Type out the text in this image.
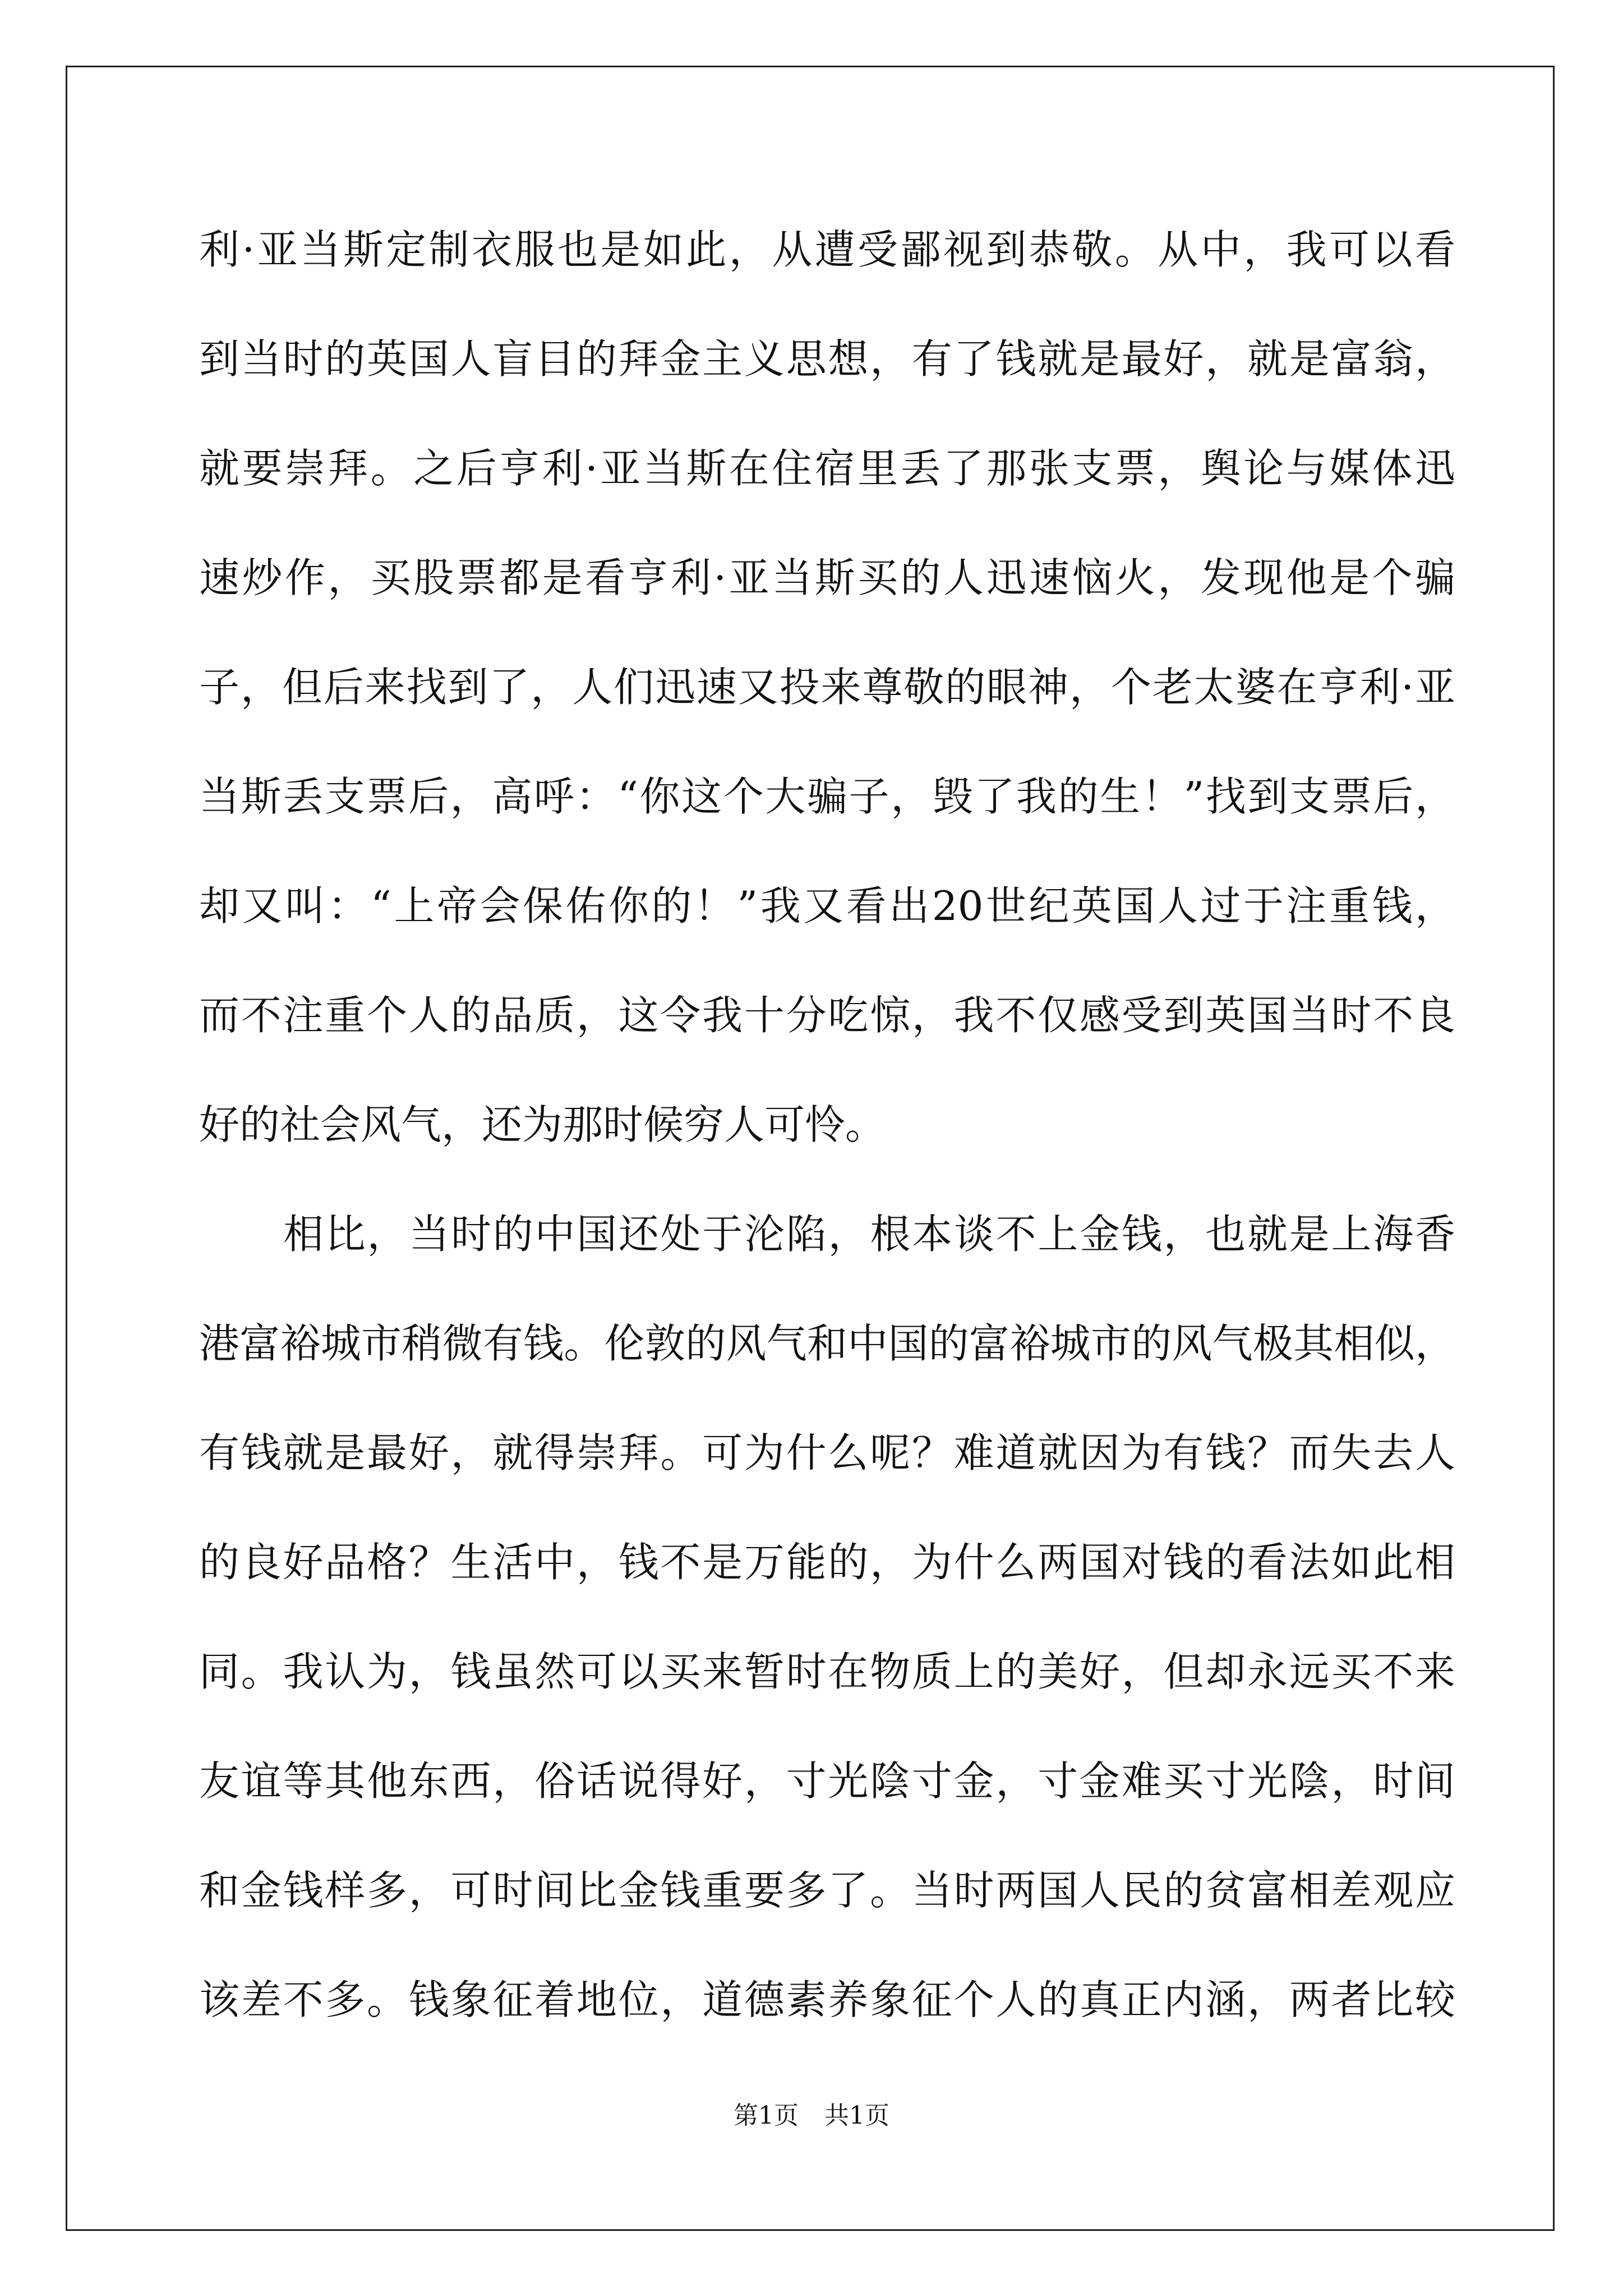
利·亚当斯定制衣服也是如此，从遭受鄙视到恭敬。从中，我可以看
到当时的英国人盲目的拜金主义思想，有了钱就是最好，就是富翁，
就要崇拜。之后亨利·亚当斯在住宿里丢了那张支票，舆论与媒体迅
速炒作，买股票都是看亨利·亚当斯买的人迅速恼火，发现他是个骗
子，但后来找到了，人们迅速又投来尊敬的眼神，个老太婆在亨利·亚
当斯丢支票后，高呼：“你这个大骗子，毁了我的生！”找到支票后，
却又叫：“上帝会保佑你的！”我又看出20世纪英国人过于注重钱，
而不注重个人的品质，这令我十分吃惊，我不仅感受到英国当时不良
好的社会风气，还为那时候穷人可怜。
相比，当时的中国还处于沦陷，根本谈不上金钱，也就是上海香
港富裕城市稍微有钱。伦敦的风气和中国的富裕城市的风气极其相似，
有钱就是最好，就得崇拜。可为什么呢？难道就因为有钱？而失去人
的良好品格？生活中，钱不是万能的，为什么两国对钱的看法如此相
同。我认为，钱虽然可以买来暂时在物质上的美好，但却永远买不来
友谊等其他东西，俗话说得好，寸光陰寸金，寸金难买寸光陰，时间
和金钱样多，可时间比金钱重要多了。当时两国人民的贫富相差观应
该差不多。钱象征着地位，道德素养象征个人的真正内涵，两者比较
第1页 共1页
